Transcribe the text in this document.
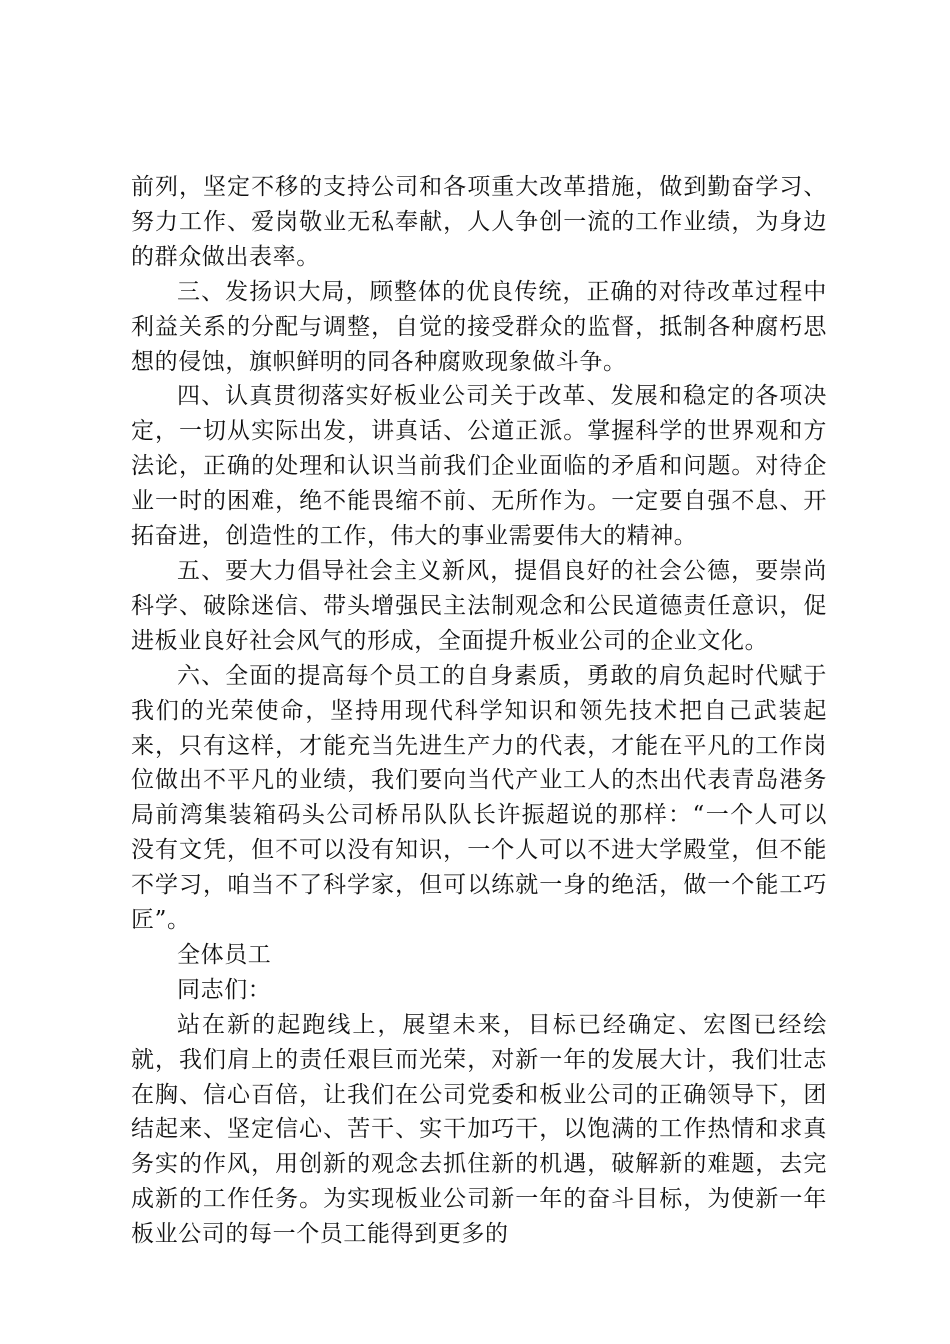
前列，坚定不移的支持公司和各项重大改革措施，做到勤奋学习、努力工作、爱岗敬业无私奉献，人人争创一流的工作业绩，为身边的群众做出表率。

三、发扬识大局，顾整体的优良传统，正确的对待改革过程中利益关系的分配与调整，自觉的接受群众的监督，抵制各种腐朽思想的侵蚀，旗帜鲜明的同各种腐败现象做斗争。

四、认真贯彻落实好板业公司关于改革、发展和稳定的各项决定，一切从实际出发，讲真话、公道正派。掌握科学的世界观和方法论，正确的处理和认识当前我们企业面临的矛盾和问题。对待企业一时的困难，绝不能畏缩不前、无所作为。一定要自强不息、开拓奋进，创造性的工作，伟大的事业需要伟大的精神。

五、要大力倡导社会主义新风，提倡良好的社会公德，要崇尚科学、破除迷信、带头增强民主法制观念和公民道德责任意识，促进板业良好社会风气的形成，全面提升板业公司的企业文化。

六、全面的提高每个员工的自身素质，勇敢的肩负起时代赋于我们的光荣使命，坚持用现代科学知识和领先技术把自己武装起来，只有这样，才能充当先进生产力的代表，才能在平凡的工作岗位做出不平凡的业绩，我们要向当代产业工人的杰出代表青岛港务局前湾集装箱码头公司桥吊队队长许振超说的那样：“一个人可以没有文凭，但不可以没有知识，一个人可以不进大学殿堂，但不能不学习，咱当不了科学家，但可以练就一身的绝活，做一个能工巧匠”。

全体员工

同志们：

站在新的起跑线上，展望未来，目标已经确定、宏图已经绘就，我们肩上的责任艰巨而光荣，对新一年的发展大计，我们壮志在胸、信心百倍，让我们在公司党委和板业公司的正确领导下，团结起来、坚定信心、苦干、实干加巧干，以饱满的工作热情和求真务实的作风，用创新的观念去抓住新的机遇，破解新的难题，去完成新的工作任务。为实现板业公司新一年的奋斗目标，为使新一年板业公司的每一个员工能得到更多的
